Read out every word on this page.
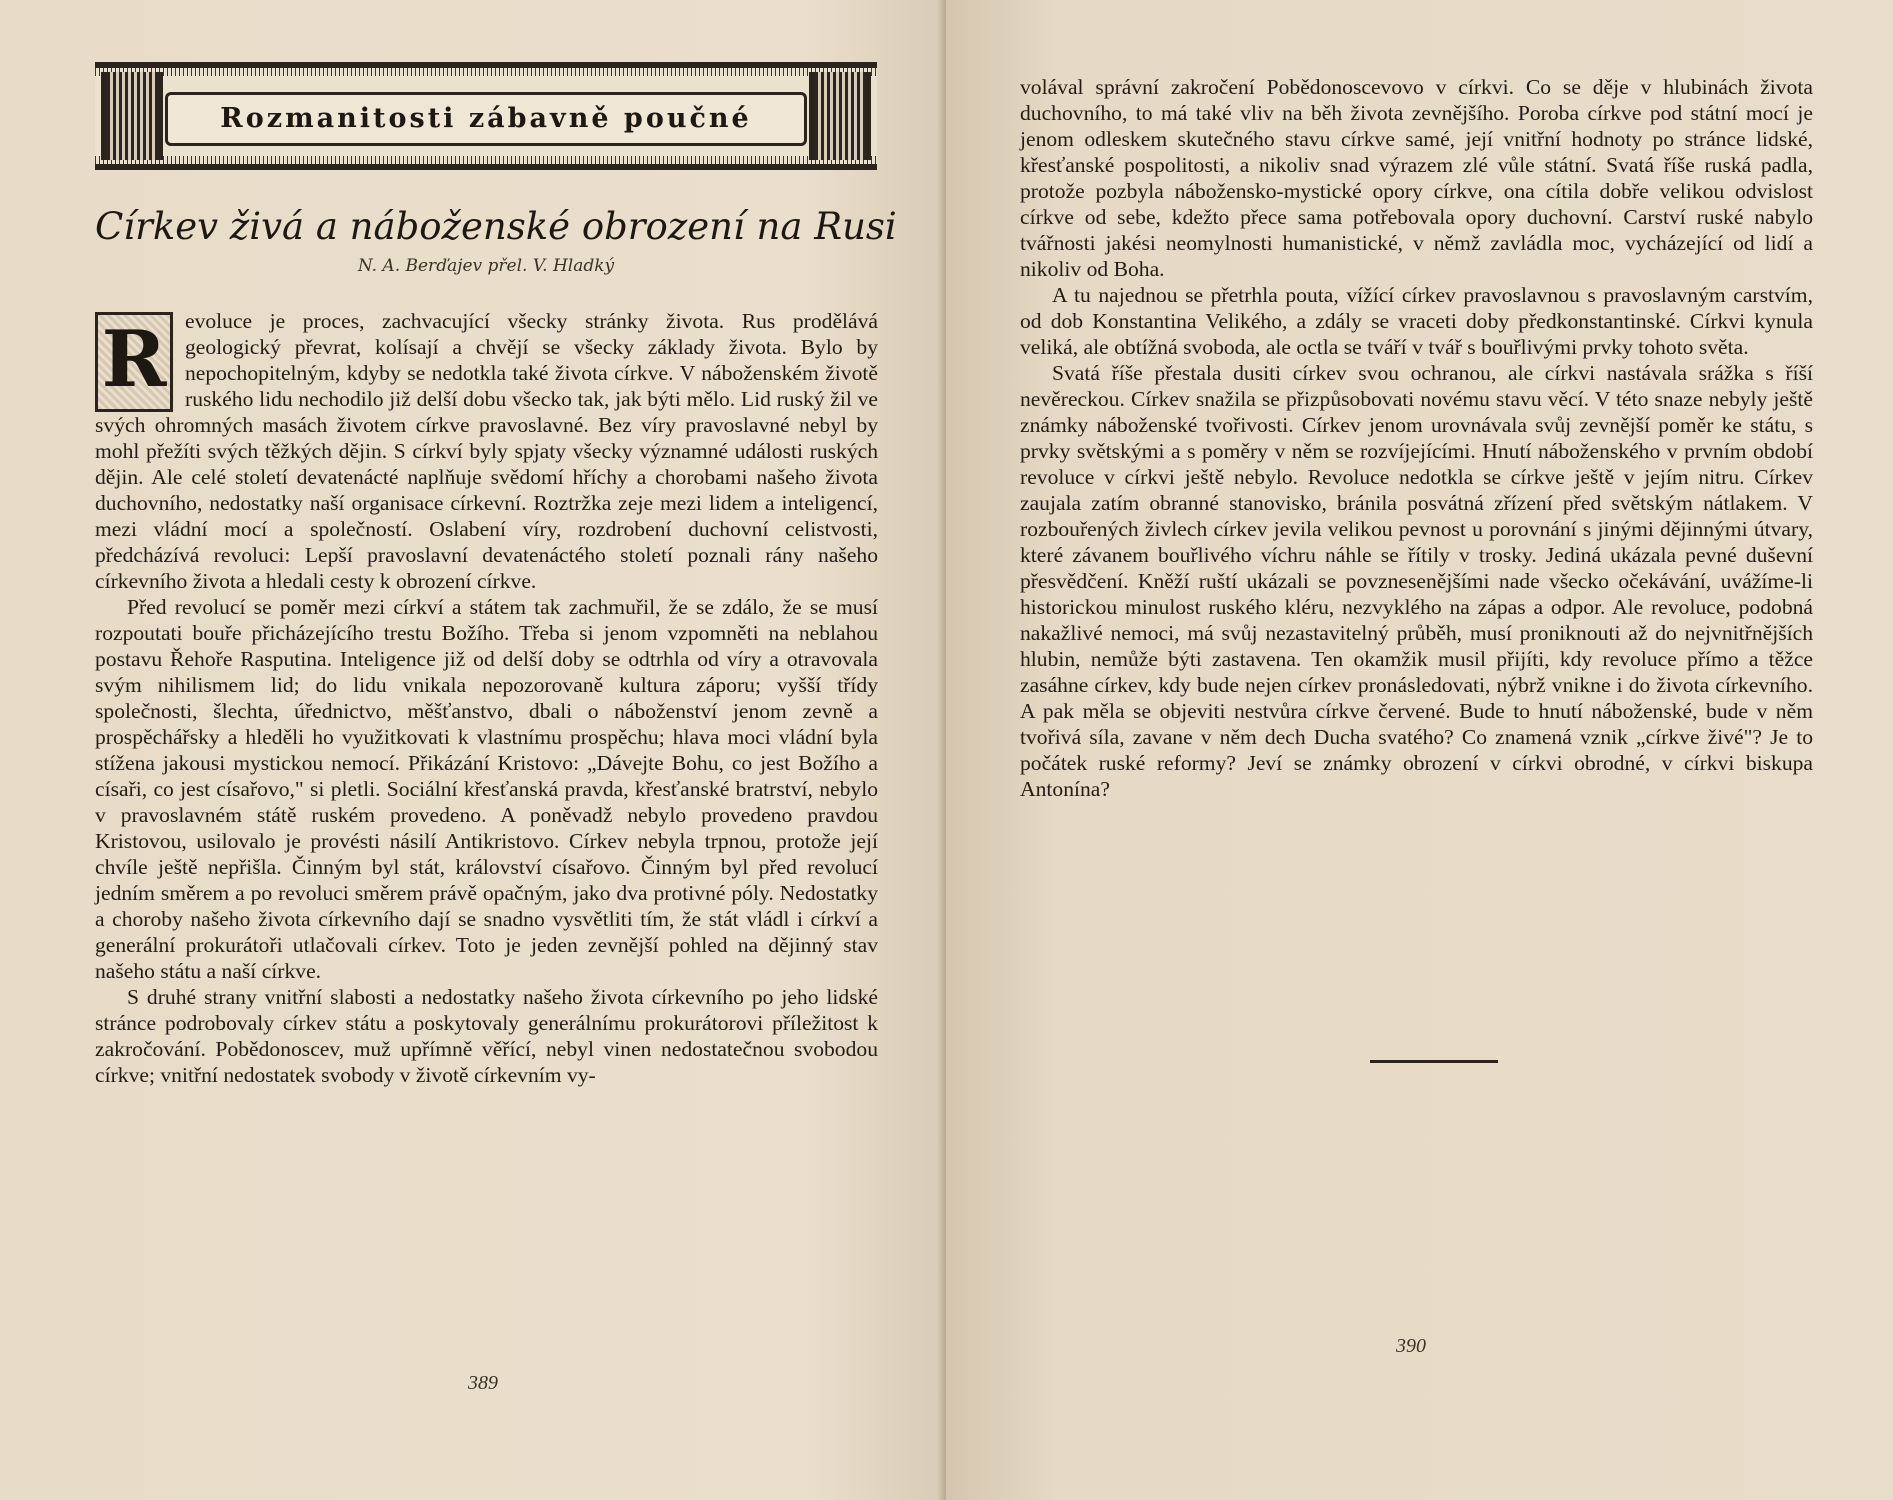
Rozmanitosti zábavně poučné
Církev živá a náboženské obrození na Rusi
N. A. Berďajev přel. V. Hladký

R evoluce je proces, zachvacující všecky stránky života. Rus prodělává geologický převrat, kolísají a chvějí se všecky základy života. Bylo by nepochopitelným, kdyby se nedotkla také života církve. V náboženském životě ruského lidu nechodilo již delší dobu všecko tak, jak býti mělo. Lid ruský žil ve svých ohromných masách životem církve pravoslavné. Bez víry pravoslavné nebyl by mohl přežíti svých těžkých dějin. S církví byly spjaty všecky významné události ruských dějin. Ale celé století devatenácté naplňuje svědomí hříchy a chorobami našeho života duchovního, nedostatky naší organisace církevní. Roztržka zeje mezi lidem a inteligencí, mezi vládní mocí a společností. Oslabení víry, rozdrobení duchovní celistvosti, předcházívá revoluci: Lepší pravoslavní devatenáctého století poznali rány našeho církevního života a hledali cesty k obrození církve.

Před revolucí se poměr mezi církví a státem tak zachmuřil, že se zdálo, že se musí rozpoutati bouře přicházejícího trestu Božího. Třeba si jenom vzpomněti na neblahou postavu Řehoře Rasputina. Inteligence již od delší doby se odtrhla od víry a otravovala svým nihilismem lid; do lidu vnikala nepozorovaně kultura záporu; vyšší třídy společnosti, šlechta, úřednictvo, měšťanstvo, dbali o náboženství jenom zevně a prospěchářsky a hleděli ho využitkovati k vlastnímu prospěchu; hlava moci vládní byla stížena jakousi mystickou nemocí. Přikázání Kristovo: „Dávejte Bohu, co jest Božího a císaři, co jest císařovo," si pletli. Sociální křesťanská pravda, křesťanské bratrství, nebylo v pravoslavném státě ruském provedeno. A poněvadž nebylo provedeno pravdou Kristovou, usilovalo je provésti násilí Antikristovo. Církev nebyla trpnou, protože její chvíle ještě nepřišla. Činným byl stát, království císařovo. Činným byl před revolucí jedním směrem a po revoluci směrem právě opačným, jako dva protivné póly. Nedostatky a choroby našeho života církevního dají se snadno vysvětliti tím, že stát vládl i církví a generální prokurátoři utlačovali církev. Toto je jeden zevnější pohled na dějinný stav našeho státu a naší církve.

S druhé strany vnitřní slabosti a nedostatky našeho života církevního po jeho lidské stránce podrobovaly církev státu a poskytovaly generálnímu prokurátorovi příležitost k zakročování. Pobědonoscev, muž upřímně věřící, nebyl vinen nedostatečnou svobodou církve; vnitřní nedostatek svobody v životě církevním vy-

389

volával správní zakročení Pobědonoscevovo v církvi. Co se děje v hlubinách života duchovního, to má také vliv na běh života zevnějšího. Poroba církve pod státní mocí je jenom odleskem skutečného stavu církve samé, její vnitřní hodnoty po stránce lidské, křesťanské pospolitosti, a nikoliv snad výrazem zlé vůle státní. Svatá říše ruská padla, protože pozbyla nábožensko-mystické opory církve, ona cítila dobře velikou odvislost církve od sebe, kdežto přece sama potřebovala opory duchovní. Carství ruské nabylo tvářnosti jakési neomylnosti humanistické, v němž zavládla moc, vycházející od lidí a nikoliv od Boha.

A tu najednou se přetrhla pouta, vížící církev pravoslavnou s pravoslavným carstvím, od dob Konstantina Velikého, a zdály se vraceti doby předkonstantinské. Církvi kynula veliká, ale obtížná svoboda, ale octla se tváří v tvář s bouřlivými prvky tohoto světa.

Svatá říše přestala dusiti církev svou ochranou, ale církvi nastávala srážka s říší nevěreckou. Církev snažila se přizpůsobovati novému stavu věcí. V této snaze nebyly ještě známky náboženské tvořivosti. Církev jenom urovnávala svůj zevnější poměr ke státu, s prvky světskými a s poměry v něm se rozvíjejícími. Hnutí náboženského v prvním období revoluce v církvi ještě nebylo. Revoluce nedotkla se církve ještě v jejím nitru. Církev zaujala zatím obranné stanovisko, bránila posvátná zřízení před světským nátlakem. V rozbouřených živlech církev jevila velikou pevnost u porovnání s jinými dějinnými útvary, které závanem bouřlivého víchru náhle se řítily v trosky. Jediná ukázala pevné duševní přesvědčení. Kněží ruští ukázali se povznesenějšími nade všecko očekávání, uvážíme-li historickou minulost ruského kléru, nezvyklého na zápas a odpor. Ale revoluce, podobná nakažlivé nemoci, má svůj nezastavitelný průběh, musí proniknouti až do nejvnitřnějších hlubin, nemůže býti zastavena. Ten okamžik musil přijíti, kdy revoluce přímo a těžce zasáhne církev, kdy bude nejen církev pronásledovati, nýbrž vnikne i do života církevního. A pak měla se objeviti nestvůra církve červené. Bude to hnutí náboženské, bude v něm tvořivá síla, zavane v něm dech Ducha svatého? Co znamená vznik „církve živé"? Je to počátek ruské reformy? Jeví se známky obrození v církvi obrodné, v církvi biskupa Antonína?

390
